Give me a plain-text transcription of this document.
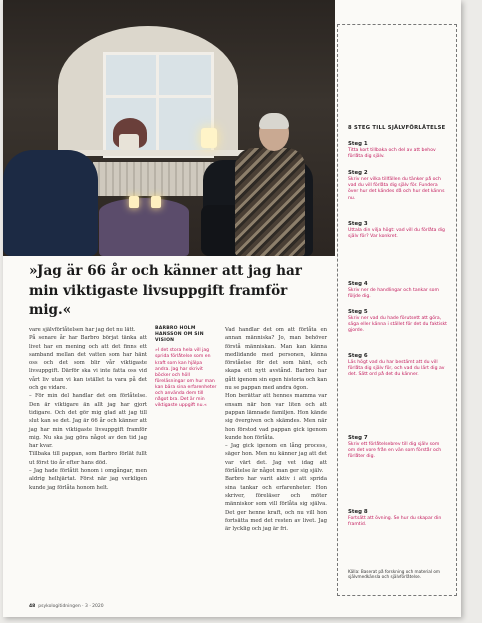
8 STEG TILL SJÄLVFÖRLÅTELSE
Steg 1
Titta kort tillbaka och del av att behov förlåta dig själv.
Steg 2
Skriv ner vilka tillfällen du tänker på och vad du vill förlåta dig själv för. Fundera över hur det kändes då och hur det känns nu.
Steg 3
Uttala din vilja högt: vad vill du förlåta dig själv för? Var konkret.
Steg 4
Skriv ner de handlingar och tankar som följde dig.
Steg 5
Skriv ner vad du hade förutsett att göra, säga eller känna i stället för det du faktiskt gjorde.
Steg 6
Läs högt vad du har bestämt att du vill förlåta dig själv för, och vad du lärt dig av det. Sätt ord på det du känner.
Steg 7
Skriv ett förlåtelsebrev till dig själv som om det vore från en vän som förstår och förlåter dig.
Steg 8
Fortsätt att övning. Se hur du skapar din framtid.
Källa: Baserat på forskning och material om självmedkänsla och självförlåtelse.
»Jag är 66 år och känner att jag har min viktigaste livsuppgift framför mig.«

vare självförlåtelsen har jag det nu lätt.

På senare år har Barbro börjat tänka att livet har en mening och att det finns ett samband mellan det vatten som har hänt oss och det som blir vår viktigaste livsuppgift. Därför ska vi inte fatta oss vid vårt liv utan vi kan istället ta vara på det och ge vidare.

– För min del handlar det om förlåtelse. Den är viktigare än allt jag har gjort tidigare. Och det gör mig glad att jag till slut kan se det. Jag är 66 år och känner att jag har min viktigaste livsuppgift framför mig. Nu ska jag göra något av den tid jag har kvar.

Tillbaka till pappan, som Barbro förlät fullt ut först tio år efter hans död.

– Jag hade förlåtit honom i omgångar, men aldrig helhjärtat. Först när jag verkligen kunde jag förlåta honom helt.

BARBRO HOLM HANSSON OM SIN VISION
»I det stora hela vill jag sprida förlåtelse som en kraft som kan hjälpa andra. Jag har skrivit böcker och höll föreläsningar om hur man kan bära sina erfarenheter och använda dem till något bra. Det är min viktigaste uppgift nu.«

Vad handlar det om att förlåta en annan människa? Jo, man behöver förstå människan. Man kan känna medlidande med personen, känna förståelse för det som hänt, och skapa ett nytt avstånd. Barbro har gått igenom sin egen historia och kan nu se pappan med andra ögon.

Hon berättar att hennes mamma var ensam när hon var liten och att pappan lämnade familjen. Hon kände sig övergiven och skämdes. Men när hon förstod vad pappan gick igenom kunde hon förlåta.

– Jag gick igenom en lång process, säger hon. Men nu känner jag att det var värt det. Jag vet idag att förlåtelse är något man ger sig själv.

Barbro har varit aktiv i att sprida sina tankar och erfarenheter. Hon skriver, föreläser och möter människor som vill förlåta sig själva. Det ger henne kraft, och nu vill hon fortsätta med det resten av livet. Jag är lycklig och jag är fri.

48 psykologitidningen · 3 · 2020
